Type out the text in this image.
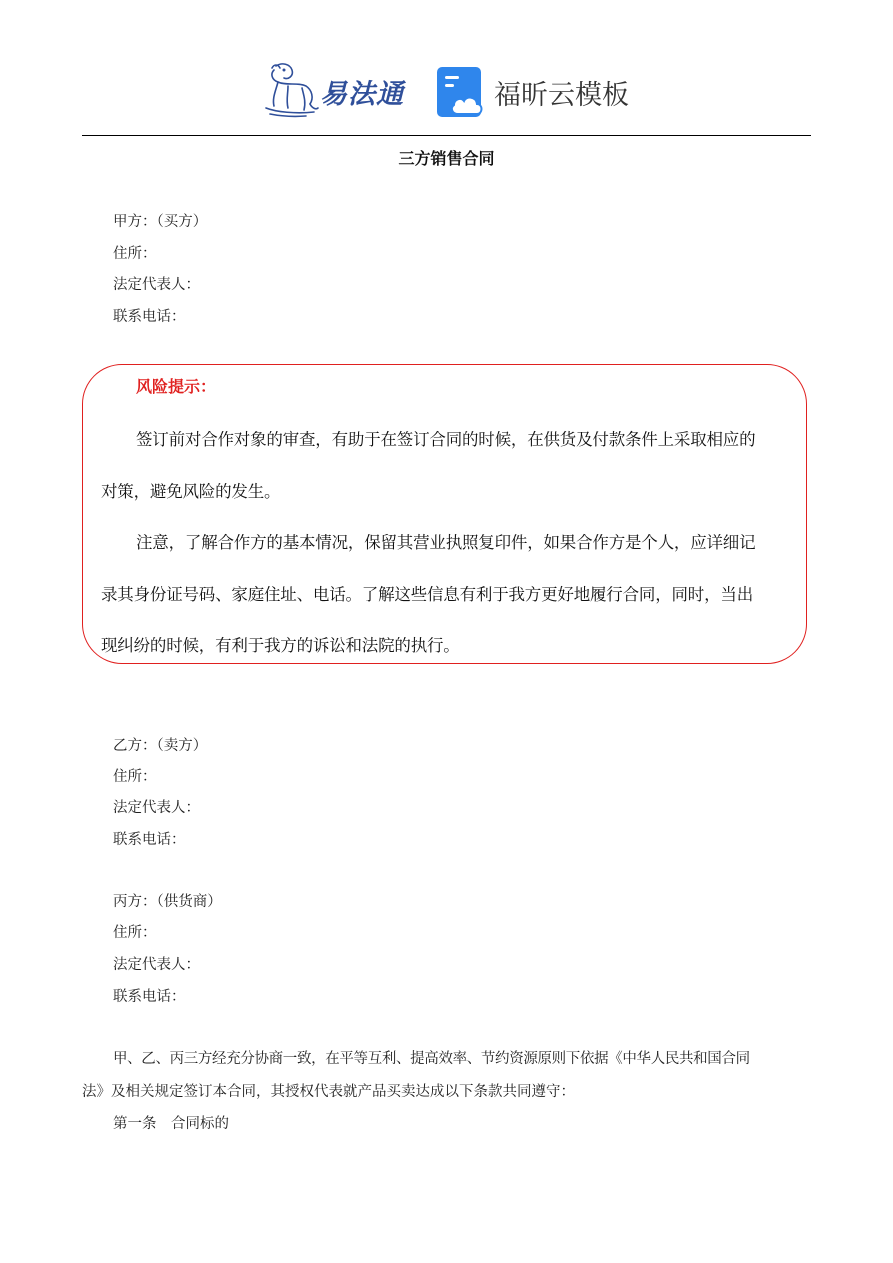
易法通	福昕云模板
三方销售合同
甲方：（买方）
住所：
法定代表人：
联系电话：
风险提示：
签订前对合作对象的审查，有助于在签订合同的时候，在供货及付款条件上采取相应的
对策，避免风险的发生。
注意，了解合作方的基本情况，保留其营业执照复印件，如果合作方是个人，应详细记
录其身份证号码、家庭住址、电话。了解这些信息有利于我方更好地履行合同，同时，当出
现纠纷的时候，有利于我方的诉讼和法院的执行。
乙方：（卖方）
住所：
法定代表人：
联系电话：
丙方：（供货商）
住所：
法定代表人：
联系电话：
甲、乙、丙三方经充分协商一致，在平等互利、提高效率、节约资源原则下依据《中华人民共和国合同
法》及相关规定签订本合同，其授权代表就产品买卖达成以下条款共同遵守：
第一条　合同标的
